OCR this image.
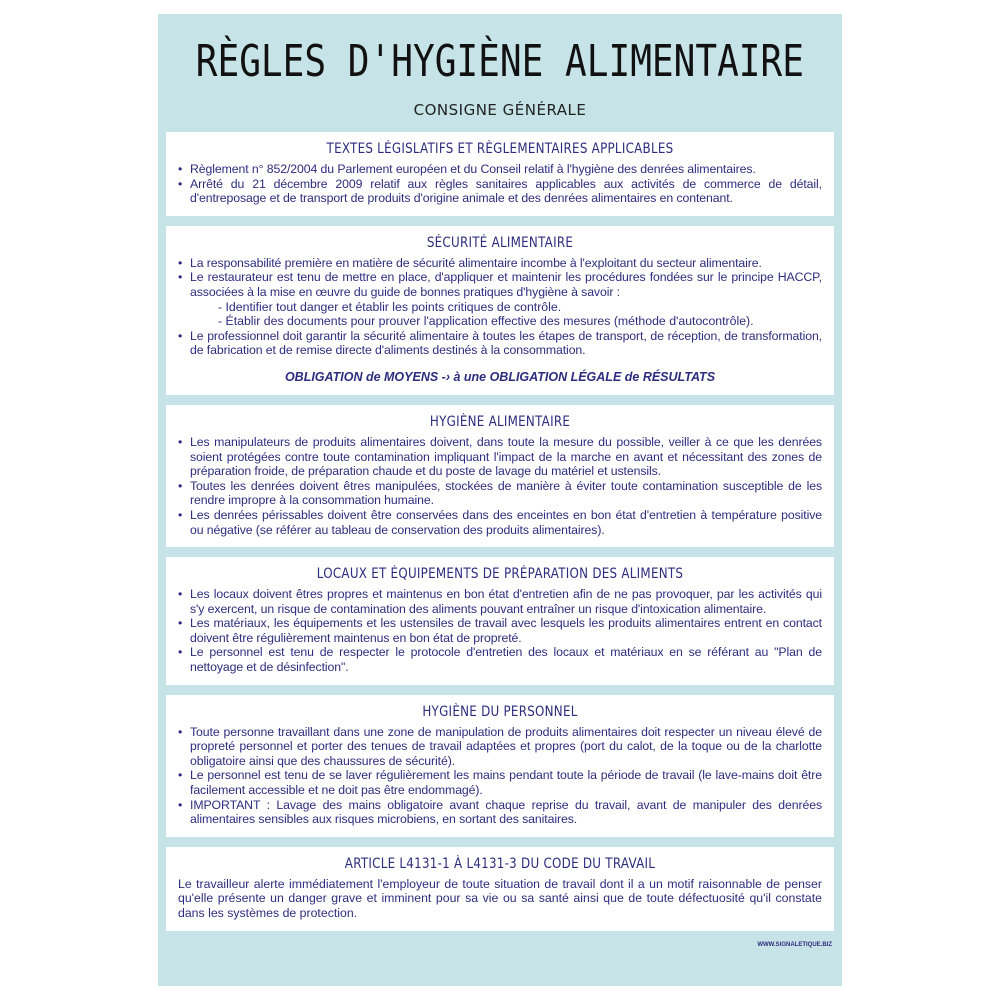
RÈGLES D'HYGIÈNE ALIMENTAIRE
CONSIGNE GÉNÉRALE
TEXTES LÉGISLATIFS ET RÈGLEMENTAIRES APPLICABLES
• Règlement n° 852/2004 du Parlement européen et du Conseil relatif à l'hygiène des denrées alimentaires.
• Arrêté du 21 décembre 2009 relatif aux règles sanitaires applicables aux activités de commerce de détail, d'entreposage et de transport de produits d'origine animale et des denrées alimentaires en contenant.
SÉCURITÉ ALIMENTAIRE
• La responsabilité première en matière de sécurité alimentaire incombe à l'exploitant du secteur alimentaire.
• Le restaurateur est tenu de mettre en place, d'appliquer et maintenir les procédures fondées sur le principe HACCP, associées à la mise en œuvre du guide de bonnes pratiques d'hygiène à savoir :
- Identifier tout danger et établir les points critiques de contrôle.
- Établir des documents pour prouver l'application effective des mesures (méthode d'autocontrôle).
• Le professionnel doit garantir la sécurité alimentaire à toutes les étapes de transport, de réception, de transformation, de fabrication et de remise directe d'aliments destinés à la consommation.
OBLIGATION de MOYENS -› à une OBLIGATION LÉGALE de RÉSULTATS
HYGIÈNE ALIMENTAIRE
• Les manipulateurs de produits alimentaires doivent, dans toute la mesure du possible, veiller à ce que les denrées soient protégées contre toute contamination impliquant l'impact de la marche en avant et nécessitant des zones de préparation froide, de préparation chaude et du poste de lavage du matériel et ustensils.
• Toutes les denrées doivent êtres manipulées, stockées de manière à éviter toute contamination susceptible de les rendre impropre à la consommation humaine.
• Les denrées périssables doivent être conservées dans des enceintes en bon état d'entretien à température positive ou négative (se référer au tableau de conservation des produits alimentaires).
LOCAUX ET ÉQUIPEMENTS DE PRÉPARATION DES ALIMENTS
• Les locaux doivent êtres propres et maintenus en bon état d'entretien afin de ne pas provoquer, par les activités qui s'y exercent, un risque de contamination des aliments pouvant entraîner un risque d'intoxication alimentaire.
• Les matériaux, les équipements et les ustensiles de travail avec lesquels les produits alimentaires entrent en contact doivent être régulièrement maintenus en bon état de propreté.
• Le personnel est tenu de respecter le protocole d'entretien des locaux et matériaux en se référant au "Plan de nettoyage et de désinfection".
HYGIÈNE DU PERSONNEL
• Toute personne travaillant dans une zone de manipulation de produits alimentaires doit respecter un niveau élevé de propreté personnel et porter des tenues de travail adaptées et propres (port du calot, de la toque ou de la charlotte obligatoire ainsi que des chaussures de sécurité).
• Le personnel est tenu de se laver régulièrement les mains pendant toute la période de travail (le lave-mains doit être facilement accessible et ne doit pas être endommagé).
• IMPORTANT : Lavage des mains obligatoire avant chaque reprise du travail, avant de manipuler des denrées alimentaires sensibles aux risques microbiens, en sortant des sanitaires.
ARTICLE L4131-1 À L4131-3 DU CODE DU TRAVAIL
Le travailleur alerte immédiatement l'employeur de toute situation de travail dont il a un motif raisonnable de penser qu'elle présente un danger grave et imminent pour sa vie ou sa santé ainsi que de toute défectuosité qu'il constate dans les systèmes de protection.
WWW.SIGNALETIQUE.BIZ
